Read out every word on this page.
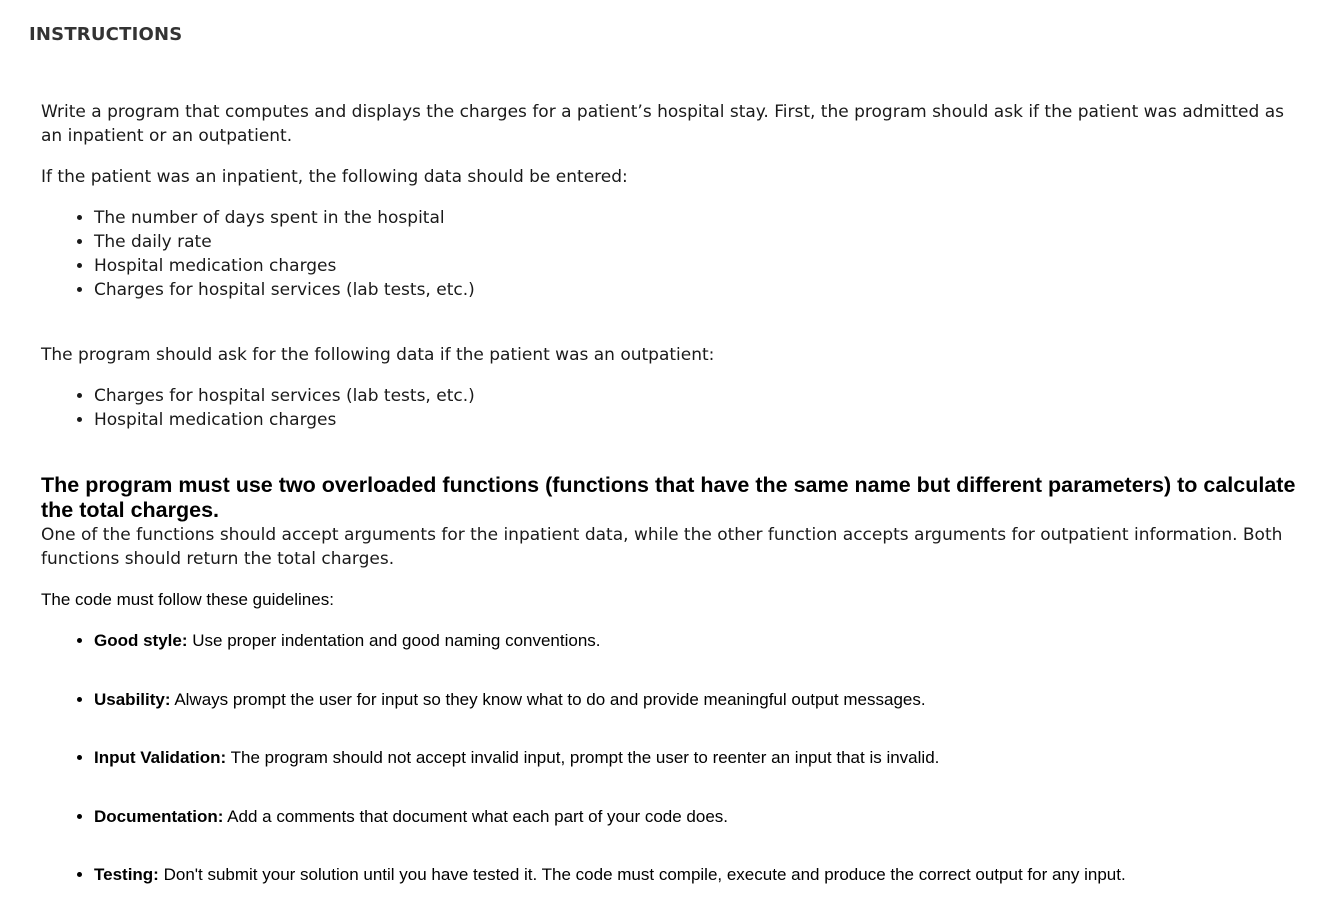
INSTRUCTIONS

Write a program that computes and displays the charges for a patient’s hospital stay. First, the program should ask if the patient was admitted as an inpatient or an outpatient.

If the patient was an inpatient, the following data should be entered:

• The number of days spent in the hospital
• The daily rate
• Hospital medication charges
• Charges for hospital services (lab tests, etc.)

The program should ask for the following data if the patient was an outpatient:

• Charges for hospital services (lab tests, etc.)
• Hospital medication charges

The program must use two overloaded functions (functions that have the same name but different parameters) to calculate the total charges.

One of the functions should accept arguments for the inpatient data, while the other function accepts arguments for outpatient information. Both functions should return the total charges.

The code must follow these guidelines:

• Good style: Use proper indentation and good naming conventions.
• Usability: Always prompt the user for input so they know what to do and provide meaningful output messages.
• Input Validation: The program should not accept invalid input, prompt the user to reenter an input that is invalid.
• Documentation: Add a comments that document what each part of your code does.
• Testing: Don't submit your solution until you have tested it. The code must compile, execute and produce the correct output for any input.
